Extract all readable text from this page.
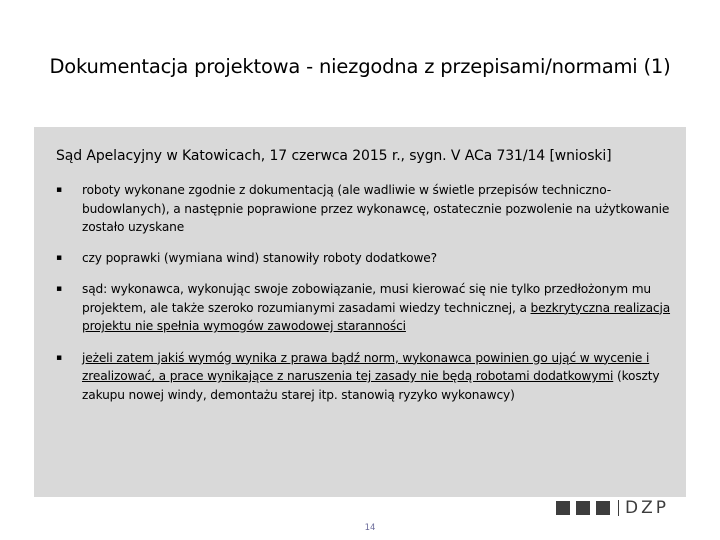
Dokumentacja projektowa - niezgodna z przepisami/normami (1)
Sąd Apelacyjny w Katowicach, 17 czerwca 2015 r., sygn. V ACa 731/14 [wnioski]
▪ roboty wykonane zgodnie z dokumentacją (ale wadliwie w świetle przepisów techniczno-budowlanych), a następnie poprawione przez wykonawcę, ostatecznie pozwolenie na użytkowanie zostało uzyskane
▪ czy poprawki (wymiana wind) stanowiły roboty dodatkowe?
▪ sąd: wykonawca, wykonując swoje zobowiązanie, musi kierować się nie tylko przedłożonym mu projektem, ale także szeroko rozumianymi zasadami wiedzy technicznej, a bezkrytyczna realizacja projektu nie spełnia wymogów zawodowej staranności
▪ jeżeli zatem jakiś wymóg wynika z prawa bądź norm, wykonawca powinien go ująć w wycenie i zrealizować, a prace wynikające z naruszenia tej zasady nie będą robotami dodatkowymi (koszty zakupu nowej windy, demontażu starej itp. stanowią ryzyko wykonawcy)
14
DZP
